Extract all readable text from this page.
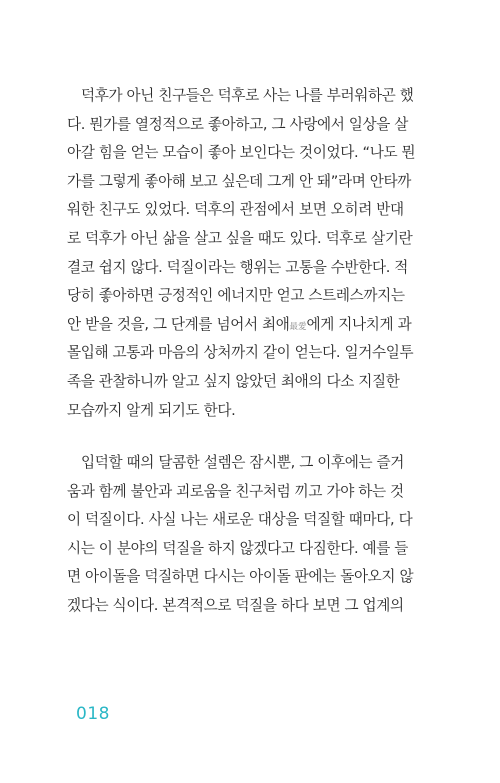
덕후가 아닌 친구들은 덕후로 사는 나를 부러워하곤 했
다. 뭔가를 열정적으로 좋아하고, 그 사랑에서 일상을 살
아갈 힘을 얻는 모습이 좋아 보인다는 것이었다. “나도 뭔
가를 그렇게 좋아해 보고 싶은데 그게 안 돼”라며 안타까
워한 친구도 있었다. 덕후의 관점에서 보면 오히려 반대
로 덕후가 아닌 삶을 살고 싶을 때도 있다. 덕후로 살기란
결코 쉽지 않다. 덕질이라는 행위는 고통을 수반한다. 적
당히 좋아하면 긍정적인 에너지만 얻고 스트레스까지는
안 받을 것을, 그 단계를 넘어서 최애最愛에게 지나치게 과
몰입해 고통과 마음의 상처까지 같이 얻는다. 일거수일투
족을 관찰하니까 알고 싶지 않았던 최애의 다소 지질한
모습까지 알게 되기도 한다.
입덕할 때의 달콤한 설렘은 잠시뿐, 그 이후에는 즐거
움과 함께 불안과 괴로움을 친구처럼 끼고 가야 하는 것
이 덕질이다. 사실 나는 새로운 대상을 덕질할 때마다, 다
시는 이 분야의 덕질을 하지 않겠다고 다짐한다. 예를 들
면 아이돌을 덕질하면 다시는 아이돌 판에는 돌아오지 않
겠다는 식이다. 본격적으로 덕질을 하다 보면 그 업계의
018
